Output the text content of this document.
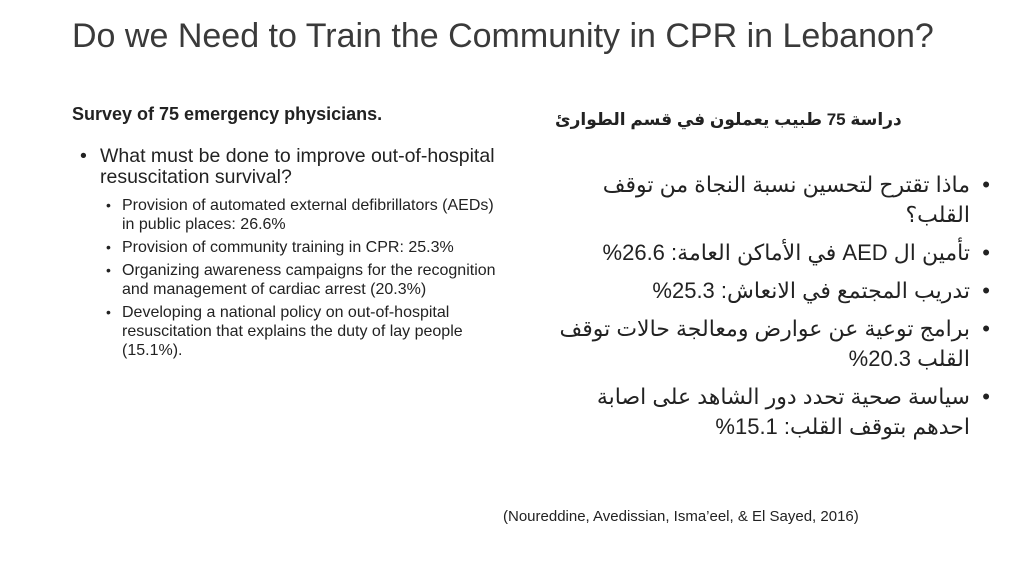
Do we Need to Train the Community in CPR in Lebanon?
Survey of 75 emergency physicians.
• What must be done to improve out-of-hospital resuscitation survival?
• Provision of automated external defibrillators (AEDs) in public places: 26.6%
• Provision of community training in CPR: 25.3%
• Organizing awareness campaigns for the recognition and management of cardiac arrest (20.3%)
• Developing a national policy on out-of-hospital resuscitation that explains the duty of lay people (15.1%).
دراسة 75 طبيب يعملون في قسم الطوارئ
• ماذا تقترح لتحسين نسبة النجاة من توقف القلب؟
• تأمين ال AED في الأماكن العامة: 26.6%
• تدريب المجتمع في الانعاش: 25.3%
• برامج توعية عن عوارض ومعالجة حالات توقف القلب 20.3%
• سياسة صحية تحدد دور الشاهد على اصابة احدهم بتوقف القلب: 15.1%
(Noureddine, Avedissian, Isma’eel, & El Sayed, 2016)
